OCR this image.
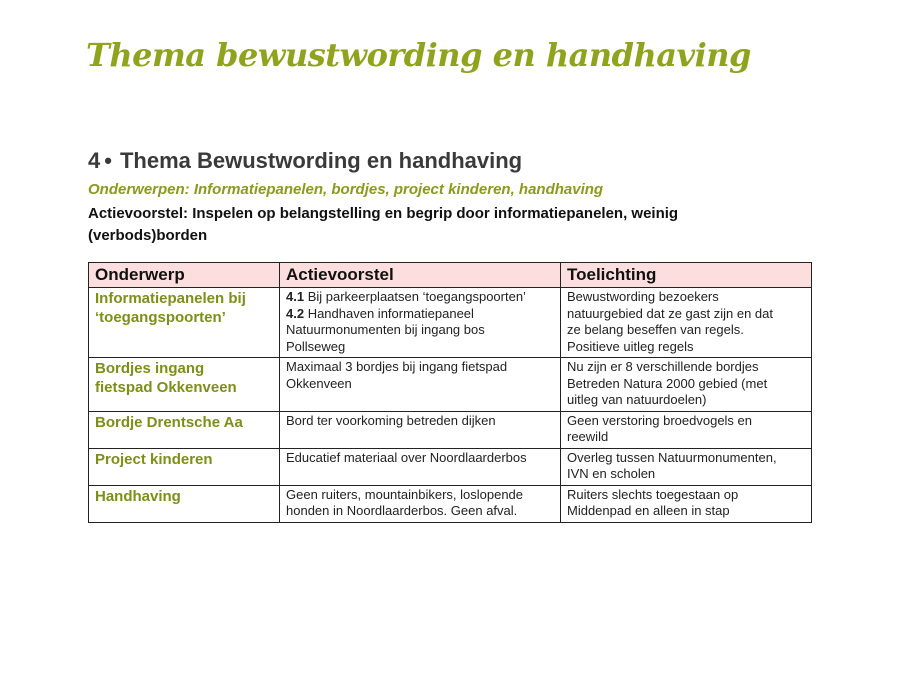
Thema bewustwording en handhaving
4 • Thema Bewustwording en handhaving

Onderwerpen: Informatiepanelen, bordjes, project kinderen, handhaving

Actievoorstel: Inspelen op belangstelling en begrip door informatiepanelen, weinig
(verbods)borden

Onderwerp	Actievoorstel	Toelichting

Informatiepanelen bij
‘toegangspoorten’	4.1 Bij parkeerplaatsen ‘toegangspoorten’
4.2 Handhaven informatiepaneel
Natuurmonumenten bij ingang bos
Pollseweg	Bewustwording bezoekers
natuurgebied dat ze gast zijn en dat
ze belang beseffen van regels.
Positieve uitleg regels

Bordjes ingang
fietspad Okkenveen	Maximaal 3 bordjes bij ingang fietspad
Okkenveen	Nu zijn er 8 verschillende bordjes
Betreden Natura 2000 gebied (met
uitleg van natuurdoelen)

Bordje Drentsche Aa	Bord ter voorkoming betreden dijken	Geen verstoring broedvogels en
reewild

Project kinderen	Educatief materiaal over Noordlaarderbos	Overleg tussen Natuurmonumenten,
IVN en scholen

Handhaving	Geen ruiters, mountainbikers, loslopende
honden in Noordlaarderbos. Geen afval.	Ruiters slechts toegestaan op
Middenpad en alleen in stap
